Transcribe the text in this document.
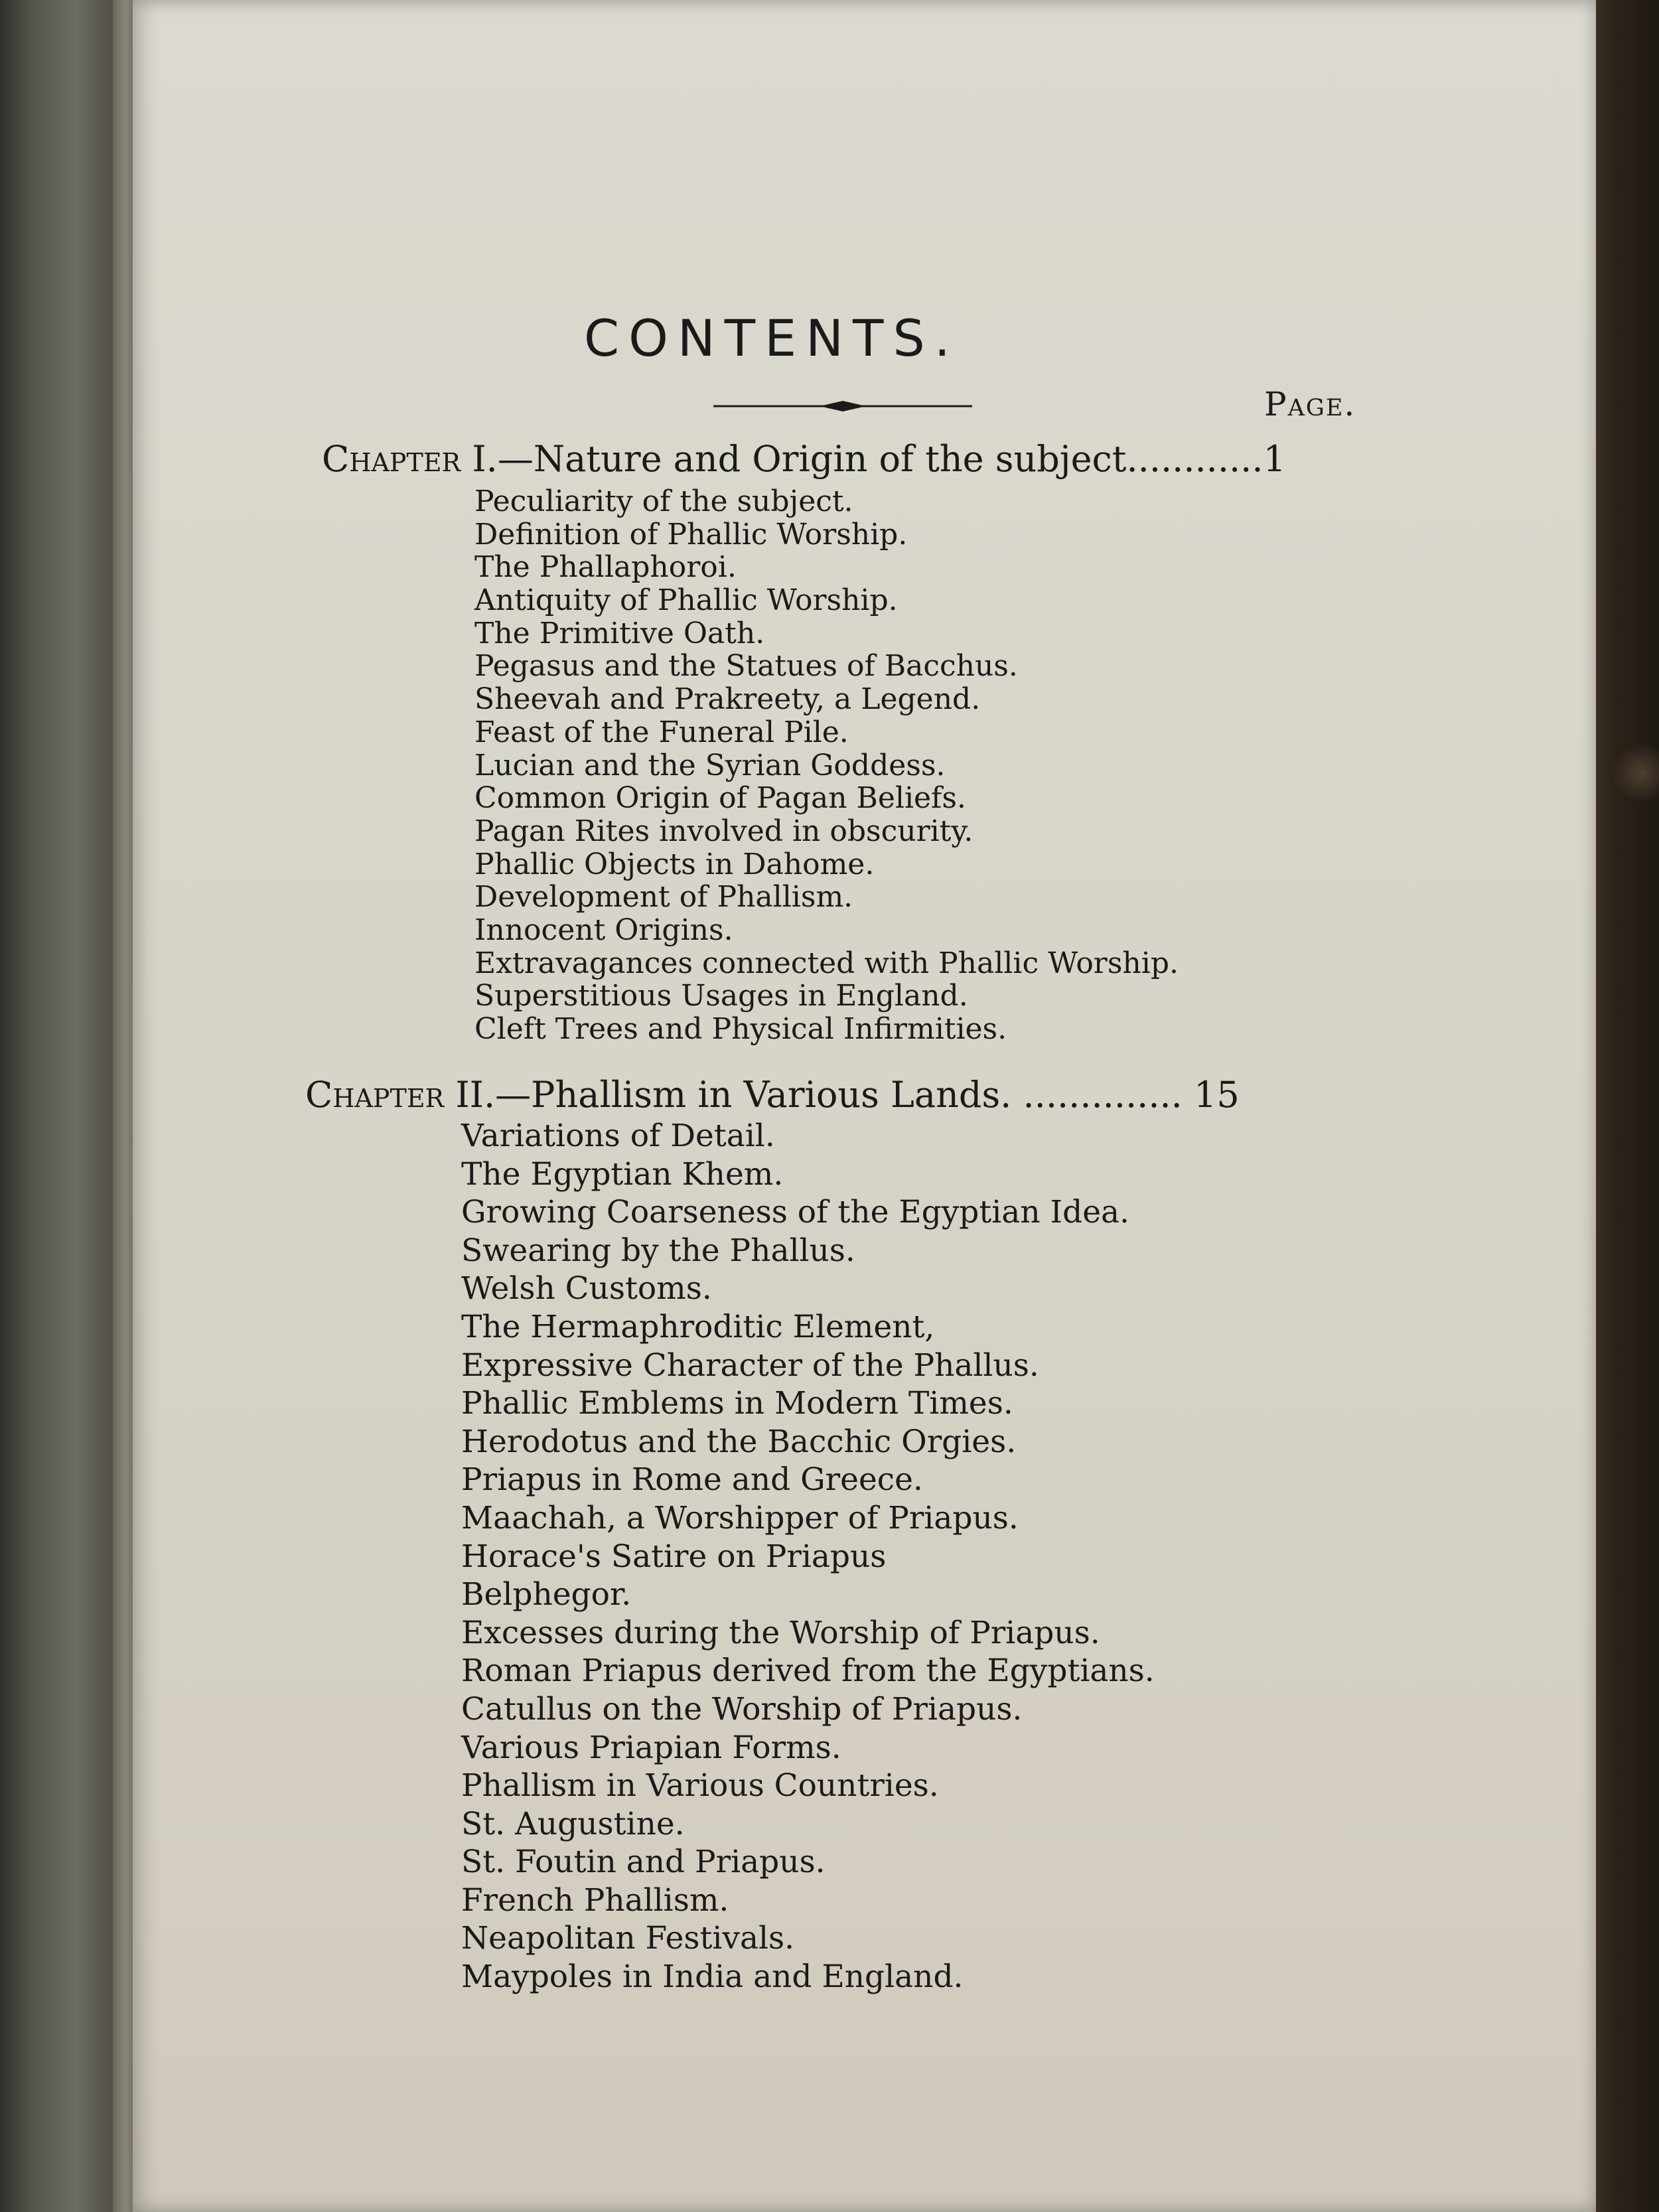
CONTENTS.
Page.
Chapter I.—Nature and Origin of the subject............1
Peculiarity of the subject.
Definition of Phallic Worship.
The Phallaphoroi.
Antiquity of Phallic Worship.
The Primitive Oath.
Pegasus and the Statues of Bacchus.
Sheevah and Prakreety, a Legend.
Feast of the Funeral Pile.
Lucian and the Syrian Goddess.
Common Origin of Pagan Beliefs.
Pagan Rites involved in obscurity.
Phallic Objects in Dahome.
Development of Phallism.
Innocent Origins.
Extravagances connected with Phallic Worship.
Superstitious Usages in England.
Cleft Trees and Physical Infirmities.
Chapter II.—Phallism in Various Lands. .............. 15
Variations of Detail.
The Egyptian Khem.
Growing Coarseness of the Egyptian Idea.
Swearing by the Phallus.
Welsh Customs.
The Hermaphroditic Element,
Expressive Character of the Phallus.
Phallic Emblems in Modern Times.
Herodotus and the Bacchic Orgies.
Priapus in Rome and Greece.
Maachah, a Worshipper of Priapus.
Horace's Satire on Priapus
Belphegor.
Excesses during the Worship of Priapus.
Roman Priapus derived from the Egyptians.
Catullus on the Worship of Priapus.
Various Priapian Forms.
Phallism in Various Countries.
St. Augustine.
St. Foutin and Priapus.
French Phallism.
Neapolitan Festivals.
Maypoles in India and England.
